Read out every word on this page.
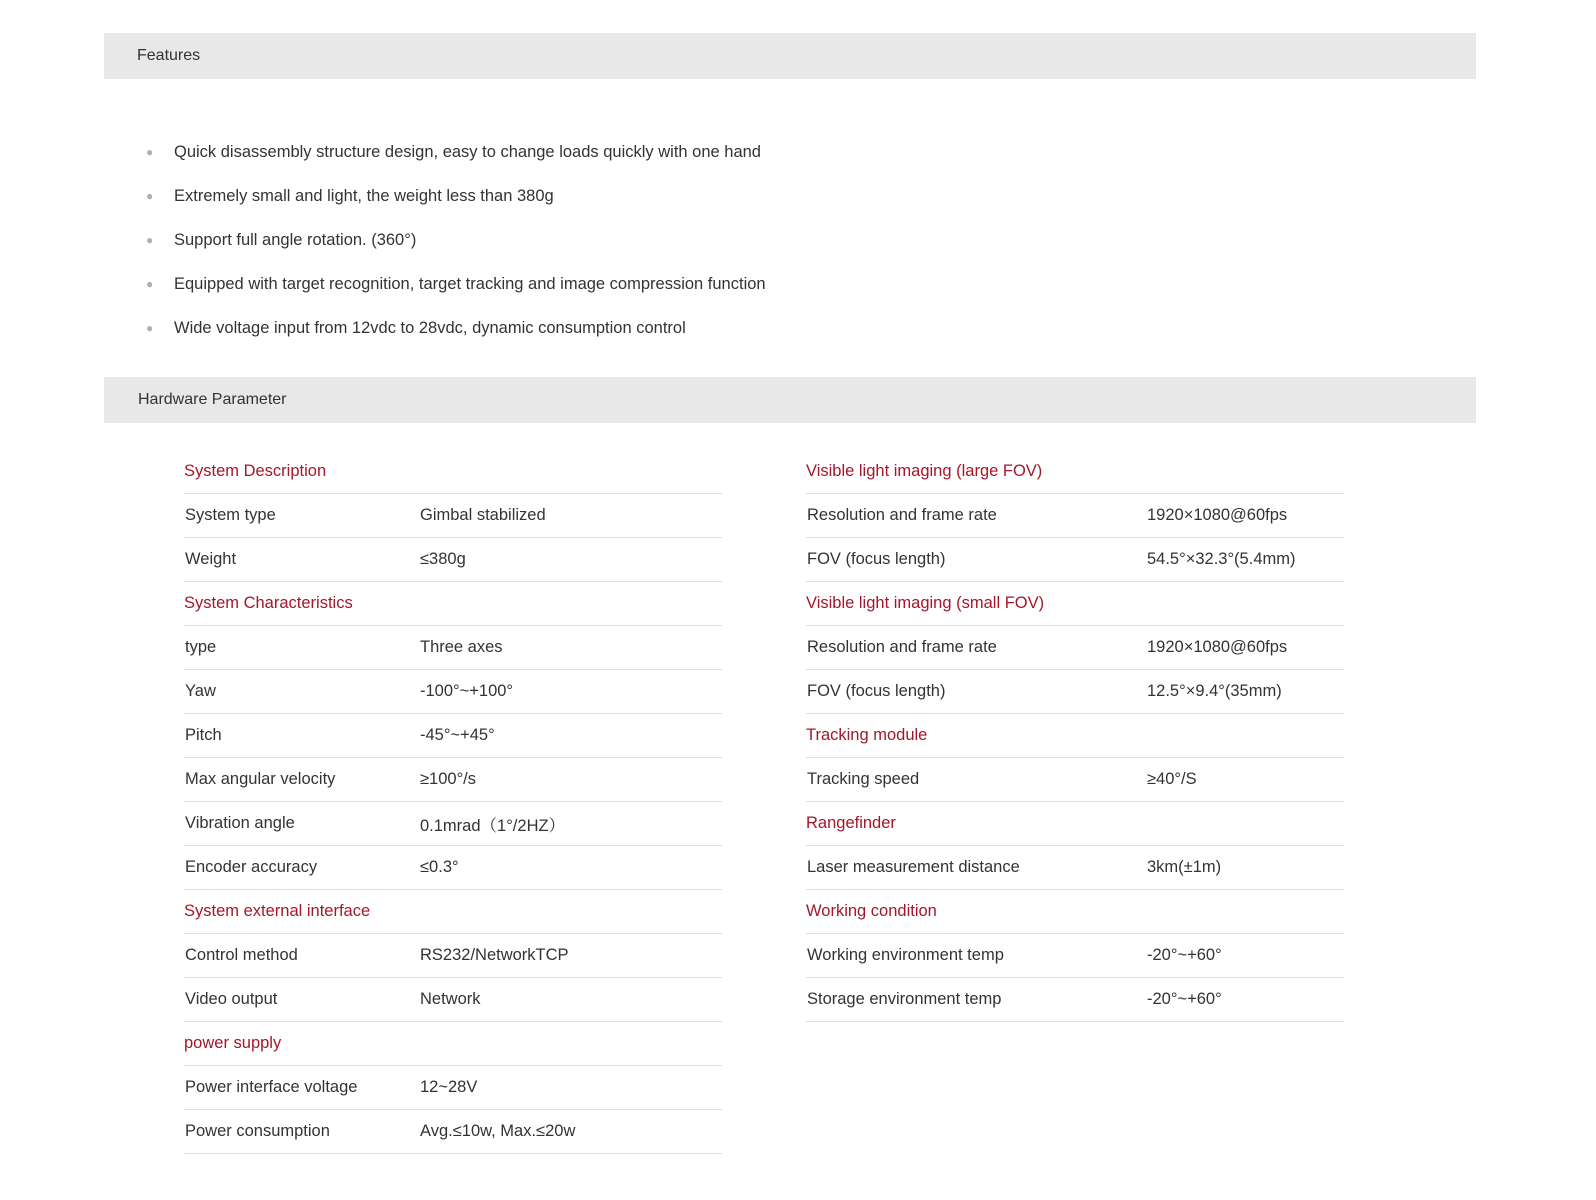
Features
●	Quick disassembly structure design, easy to change loads quickly with one hand
●	Extremely small and light, the weight less than 380g
●	Support full angle rotation. (360°)
●	Equipped with target recognition, target tracking and image compression function
●	Wide voltage input from 12vdc to 28vdc, dynamic consumption control
Hardware Parameter
System Description
System type	Gimbal stabilized
Weight	≤380g
System Characteristics
type	Three axes
Yaw	-100°~+100°
Pitch	-45°~+45°
Max angular velocity	≥100°/s
Vibration angle	0.1mrad（1°/2HZ）
Encoder accuracy	≤0.3°
System external interface
Control method	RS232/NetworkTCP
Video output	Network
power supply
Power interface voltage	12~28V
Power consumption	Avg.≤10w, Max.≤20w
Visible light imaging (large FOV)
Resolution and frame rate	1920×1080@60fps
FOV (focus length)	54.5°×32.3°(5.4mm)
Visible light imaging (small FOV)
Resolution and frame rate	1920×1080@60fps
FOV (focus length)	12.5°×9.4°(35mm)
Tracking module
Tracking speed	≥40°/S
Rangefinder
Laser measurement distance	3km(±1m)
Working condition
Working environment temp	-20°~+60°
Storage environment temp	-20°~+60°
